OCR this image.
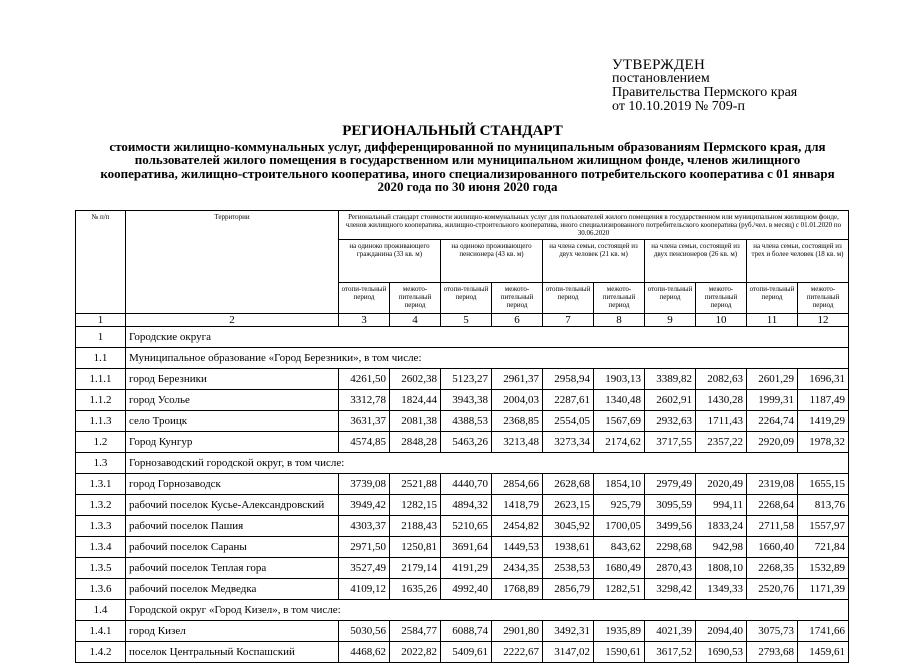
УТВЕРЖДЕН
постановлением
Правительства Пермского края
от 10.10.2019 № 709-п
РЕГИОНАЛЬНЫЙ СТАНДАРТ
стоимости жилищно-коммунальных услуг, дифференцированной по муниципальным образованиям Пермского края, для пользователей жилого помещения в государственном или муниципальном жилищном фонде, членов жилищного кооператива, жилищно-строительного кооператива, иного специализированного потребительского кооператива с 01 января 2020 года по 30 июня 2020 года
№ п/п	Территории	Региональный стандарт стоимости жилищно-коммунальных услуг для пользователей жилого помещения в государственном или муниципальном жилищном фонде, членов жилищного кооператива, жилищно-строительного кооператива, иного специализированного потребительского кооператива (руб./чел. в месяц) с 01.01.2020 по 30.06.2020									
		на одиноко проживающего гражданина (33 кв. м)		на одиноко проживающего пенсионера (43 кв. м)		на члена семьи, состоящей из двух человек (21 кв. м)		на члена семьи, состоящей из двух пенсионеров (26 кв. м)		на члена семьи, состоящей из трех и более человек (18 кв. м)	
		отопи-тельный период	межото-пительный период	отопи-тельный период	межото-пительный период	отопи-тельный период	межото-пительный период	отопи-тельный период	межото-пительный период	отопи-тельный период	межото-пительный период
1	2	3	4	5	6	7	8	9	10	11	12
1	Городские округа										
1.1	Муниципальное образование «Город Березники», в том числе:										
1.1.1	город Березники	4261,50	2602,38	5123,27	2961,37	2958,94	1903,13	3389,82	2082,63	2601,29	1696,31
1.1.2	город Усолье	3312,78	1824,44	3943,38	2004,03	2287,61	1340,48	2602,91	1430,28	1999,31	1187,49
1.1.3	село Троицк	3631,37	2081,38	4388,53	2368,85	2554,05	1567,69	2932,63	1711,43	2264,74	1419,29
1.2	Город Кунгур	4574,85	2848,28	5463,26	3213,48	3273,34	2174,62	3717,55	2357,22	2920,09	1978,32
1.3	Горнозаводский городской округ, в том числе:										
1.3.1	город Горнозаводск	3739,08	2521,88	4440,70	2854,66	2628,68	1854,10	2979,49	2020,49	2319,08	1655,15
1.3.2	рабочий поселок Кусье-Александровский	3949,42	1282,15	4894,32	1418,79	2623,15	925,79	3095,59	994,11	2268,64	813,76
1.3.3	рабочий поселок Пашия	4303,37	2188,43	5210,65	2454,82	3045,92	1700,05	3499,56	1833,24	2711,58	1557,97
1.3.4	рабочий поселок Сараны	2971,50	1250,81	3691,64	1449,53	1938,61	843,62	2298,68	942,98	1660,40	721,84
1.3.5	рабочий поселок Теплая гора	3527,49	2179,14	4191,29	2434,35	2538,53	1680,49	2870,43	1808,10	2268,35	1532,89
1.3.6	рабочий поселок Медведка	4109,12	1635,26	4992,40	1768,89	2856,79	1282,51	3298,42	1349,33	2520,76	1171,39
1.4	Городской округ «Город Кизел», в том числе:										
1.4.1	город Кизел	5030,56	2584,77	6088,74	2901,80	3492,31	1935,89	4021,39	2094,40	3075,73	1741,66
1.4.2	поселок Центральный Коспашский	4468,62	2022,82	5409,61	2222,67	3147,02	1590,61	3617,52	1690,53	2793,68	1459,61
